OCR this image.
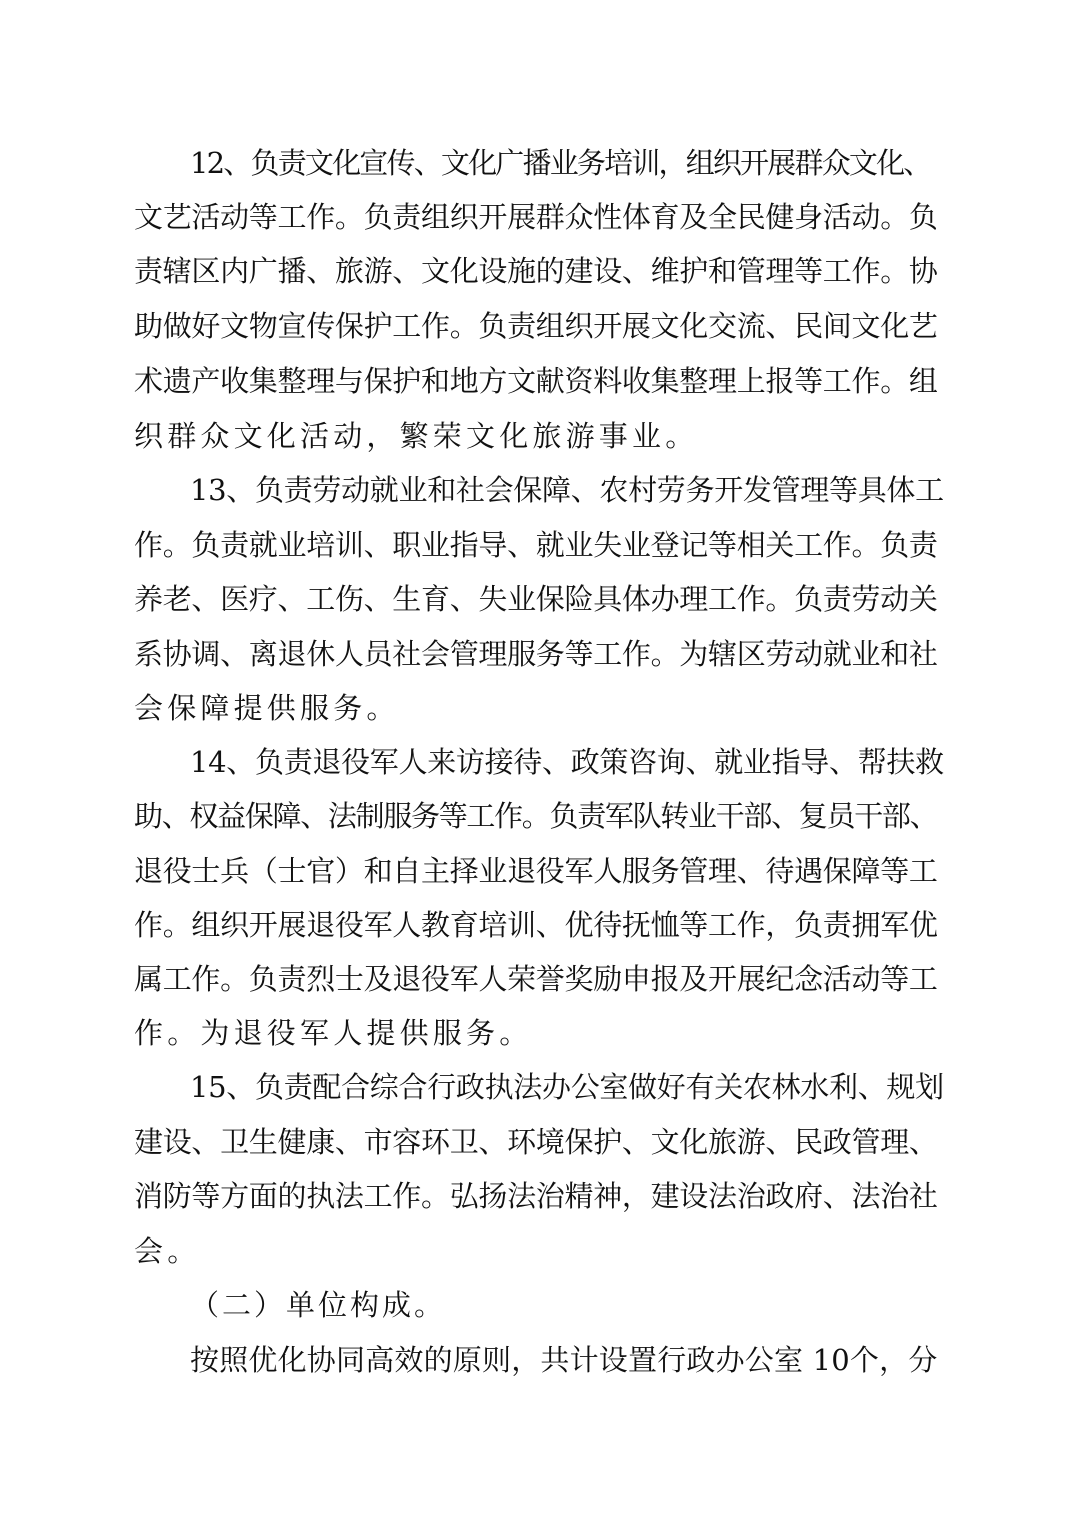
12、负责文化宣传、文化广播业务培训，组织开展群众文化、
文艺活动等工作。负责组织开展群众性体育及全民健身活动。负
责辖区内广播、旅游、文化设施的建设、维护和管理等工作。协
助做好文物宣传保护工作。负责组织开展文化交流、民间文化艺
术遗产收集整理与保护和地方文献资料收集整理上报等工作。组
织群众文化活动，繁荣文化旅游事业。
13、负责劳动就业和社会保障、农村劳务开发管理等具体工
作。负责就业培训、职业指导、就业失业登记等相关工作。负责
养老、医疗、工伤、生育、失业保险具体办理工作。负责劳动关
系协调、离退休人员社会管理服务等工作。为辖区劳动就业和社
会保障提供服务。
14、负责退役军人来访接待、政策咨询、就业指导、帮扶救
助、权益保障、法制服务等工作。负责军队转业干部、复员干部、
退役士兵（士官）和自主择业退役军人服务管理、待遇保障等工
作。组织开展退役军人教育培训、优待抚恤等工作，负责拥军优
属工作。负责烈士及退役军人荣誉奖励申报及开展纪念活动等工
作。为退役军人提供服务。
15、负责配合综合行政执法办公室做好有关农林水利、规划
建设、卫生健康、市容环卫、环境保护、文化旅游、民政管理、
消防等方面的执法工作。弘扬法治精神，建设法治政府、法治社
会。
（二）单位构成。
按照优化协同高效的原则，共计设置行政办公室 10个，分
